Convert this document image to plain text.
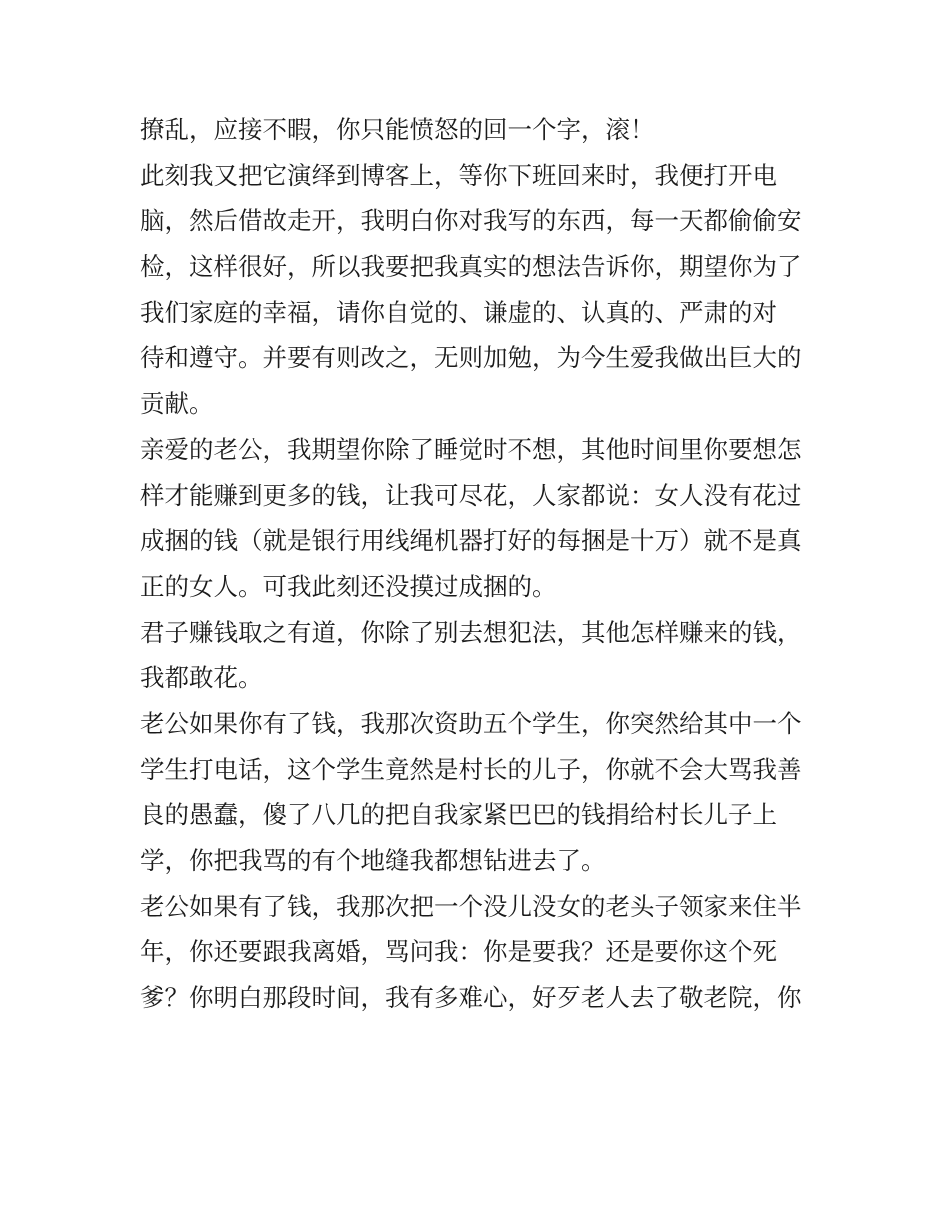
撩乱，应接不暇，你只能愤怒的回一个字，滚！
此刻我又把它演绎到博客上，等你下班回来时，我便打开电
脑，然后借故走开，我明白你对我写的东西，每一天都偷偷安
检，这样很好，所以我要把我真实的想法告诉你，期望你为了
我们家庭的幸福，请你自觉的、谦虚的、认真的、严肃的对
待和遵守。并要有则改之，无则加勉，为今生爱我做出巨大的
贡献。
亲爱的老公，我期望你除了睡觉时不想，其他时间里你要想怎
样才能赚到更多的钱，让我可尽花，人家都说：女人没有花过
成捆的钱（就是银行用线绳机器打好的每捆是十万）就不是真
正的女人。可我此刻还没摸过成捆的。
君子赚钱取之有道，你除了别去想犯法，其他怎样赚来的钱，
我都敢花。
老公如果你有了钱，我那次资助五个学生，你突然给其中一个
学生打电话，这个学生竟然是村长的儿子，你就不会大骂我善
良的愚蠢，傻了八几的把自我家紧巴巴的钱捐给村长儿子上
学，你把我骂的有个地缝我都想钻进去了。
老公如果有了钱，我那次把一个没儿没女的老头子领家来住半
年，你还要跟我离婚，骂问我：你是要我？还是要你这个死
爹？你明白那段时间，我有多难心，好歹老人去了敬老院，你
